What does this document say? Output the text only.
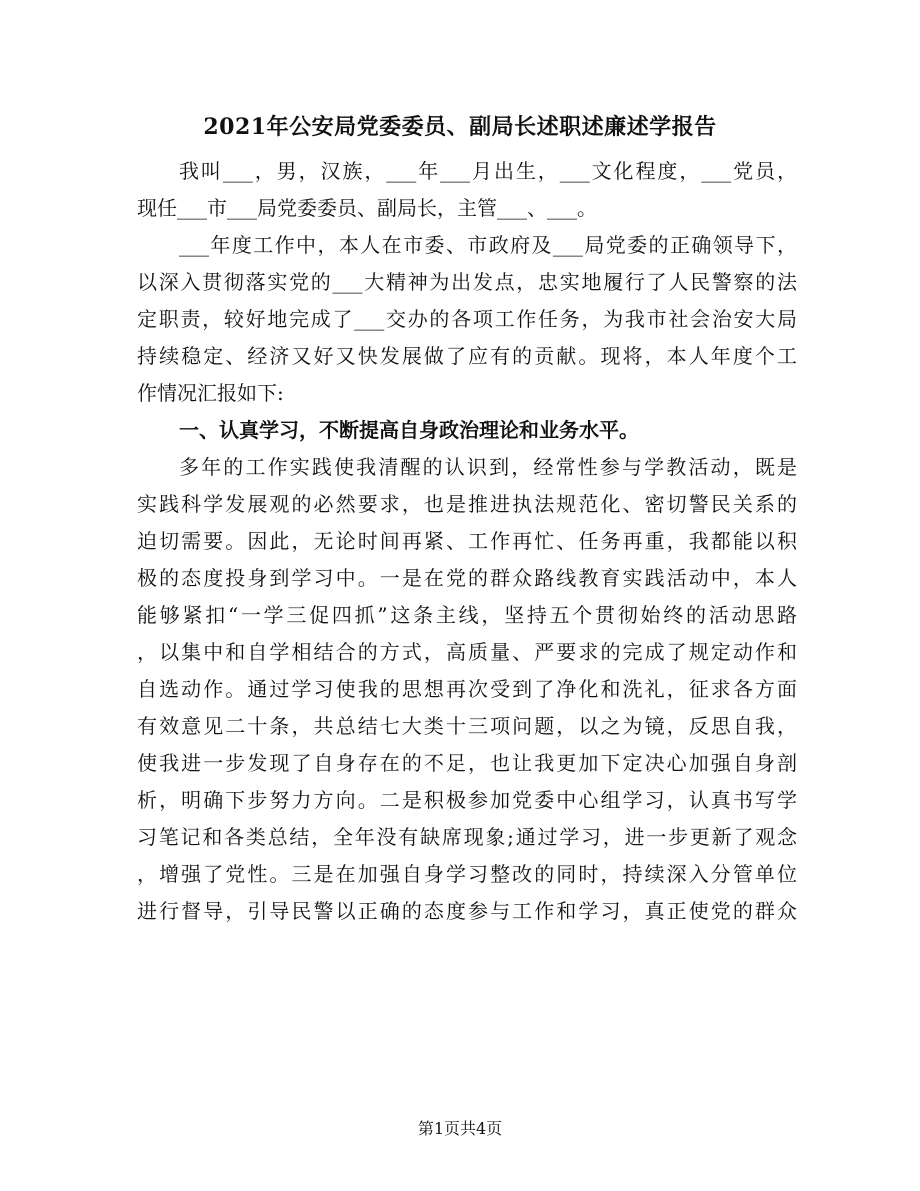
2021年公安局党委委员、副局长述职述廉述学报告
我叫___，男，汉族，___年___月出生，___文化程度，___党员，
现任___市___局党委委员、副局长，主管___、___。
___年度工作中，本人在市委、市政府及___局党委的正确领导下，
以深入贯彻落实党的___大精神为出发点，忠实地履行了人民警察的法
定职责，较好地完成了___交办的各项工作任务，为我市社会治安大局
持续稳定、经济又好又快发展做了应有的贡献。现将，本人年度个工
作情况汇报如下:
一、认真学习，不断提高自身政治理论和业务水平。
多年的工作实践使我清醒的认识到，经常性参与学教活动，既是
实践科学发展观的必然要求，也是推进执法规范化、密切警民关系的
迫切需要。因此，无论时间再紧、工作再忙、任务再重，我都能以积
极的态度投身到学习中。一是在党的群众路线教育实践活动中，本人
能够紧扣“一学三促四抓”这条主线，坚持五个贯彻始终的活动思路
，以集中和自学相结合的方式，高质量、严要求的完成了规定动作和
自选动作。通过学习使我的思想再次受到了净化和洗礼，征求各方面
有效意见二十条，共总结七大类十三项问题，以之为镜，反思自我，
使我进一步发现了自身存在的不足，也让我更加下定决心加强自身剖
析，明确下步努力方向。二是积极参加党委中心组学习，认真书写学
习笔记和各类总结，全年没有缺席现象;通过学习，进一步更新了观念
，增强了党性。三是在加强自身学习整改的同时，持续深入分管单位
进行督导，引导民警以正确的态度参与工作和学习，真正使党的群众
第1页共4页
